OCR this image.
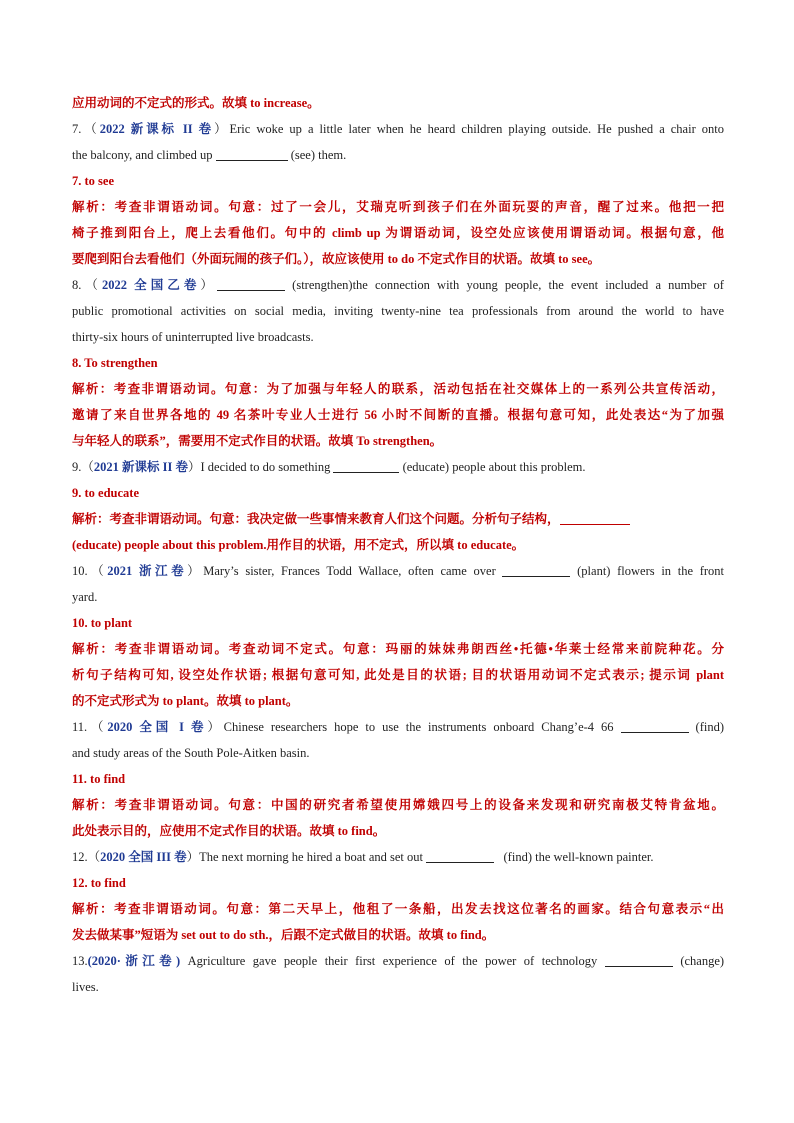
应用动词的不定式的形式。故填 to increase。
7.（2022 新课标 II 卷）Eric woke up a little later when he heard children playing outside. He pushed a chair onto
the balcony, and climbed up	(see) them.
7. to see
解析：考查非谓语动词。句意：过了一会儿，艾瑞克听到孩子们在外面玩耍的声音，醒了过来。他把一把
椅子推到阳台上，爬上去看他们。句中的 climb up 为谓语动词，设空处应该使用谓语动词。根据句意，他
要爬到阳台去看他们（外面玩闹的孩子们。），故应该使用 to do 不定式作目的状语。故填 to see。
8.（2022 全国乙卷）	(strengthen)the connection with young people, the event included a number of
public promotional activities on social media, inviting twenty-nine tea professionals from around the world to have
thirty-six hours of uninterrupted live broadcasts.
8. To strengthen
解析：考查非谓语动词。句意：为了加强与年轻人的联系，活动包括在社交媒体上的一系列公共宣传活动，
邀请了来自世界各地的 49 名茶叶专业人士进行 56 小时不间断的直播。根据句意可知，此处表达“为了加强
与年轻人的联系”，需要用不定式作目的状语。故填 To strengthen。
9.（2021 新课标 II 卷）I decided to do something	(educate) people about this problem.
9. to educate
解析：考查非谓语动词。句意：我决定做一些事情来教育人们这个问题。分析句子结构，
(educate) people about this problem.用作目的状语，用不定式，所以填 to educate。
10.（2021 浙江卷）Mary’s sister, Frances Todd Wallace, often came over	(plant) flowers in the front
yard.
10. to plant
解析：考查非谓语动词。考查动词不定式。句意：玛丽的妹妹弗朗西丝•托德•华莱士经常来前院种花。分
析句子结构可知, 设空处作状语; 根据句意可知, 此处是目的状语; 目的状语用动词不定式表示; 提示词 plant
的不定式形式为 to plant。故填 to plant。
11.（2020 全国 I 卷）Chinese researchers hope to use the instruments onboard Chang’e-4 66	(find)
and study areas of the South Pole-Aitken basin.
11. to find
解析：考查非谓语动词。句意：中国的研究者希望使用嫦娥四号上的设备来发现和研究南极艾特肯盆地。
此处表示目的，应使用不定式作目的状语。故填 to find。
12.（2020 全国 III 卷）The next morning he hired a boat and set out	(find) the well-known painter.
12. to find
解析：考查非谓语动词。句意：第二天早上，他租了一条船，出发去找这位著名的画家。结合句意表示“出
发去做某事”短语为 set out to do sth.，后跟不定式做目的状语。故填 to find。
13.(2020·浙江卷) Agriculture gave people their first experience of the power of technology	(change)
lives.
